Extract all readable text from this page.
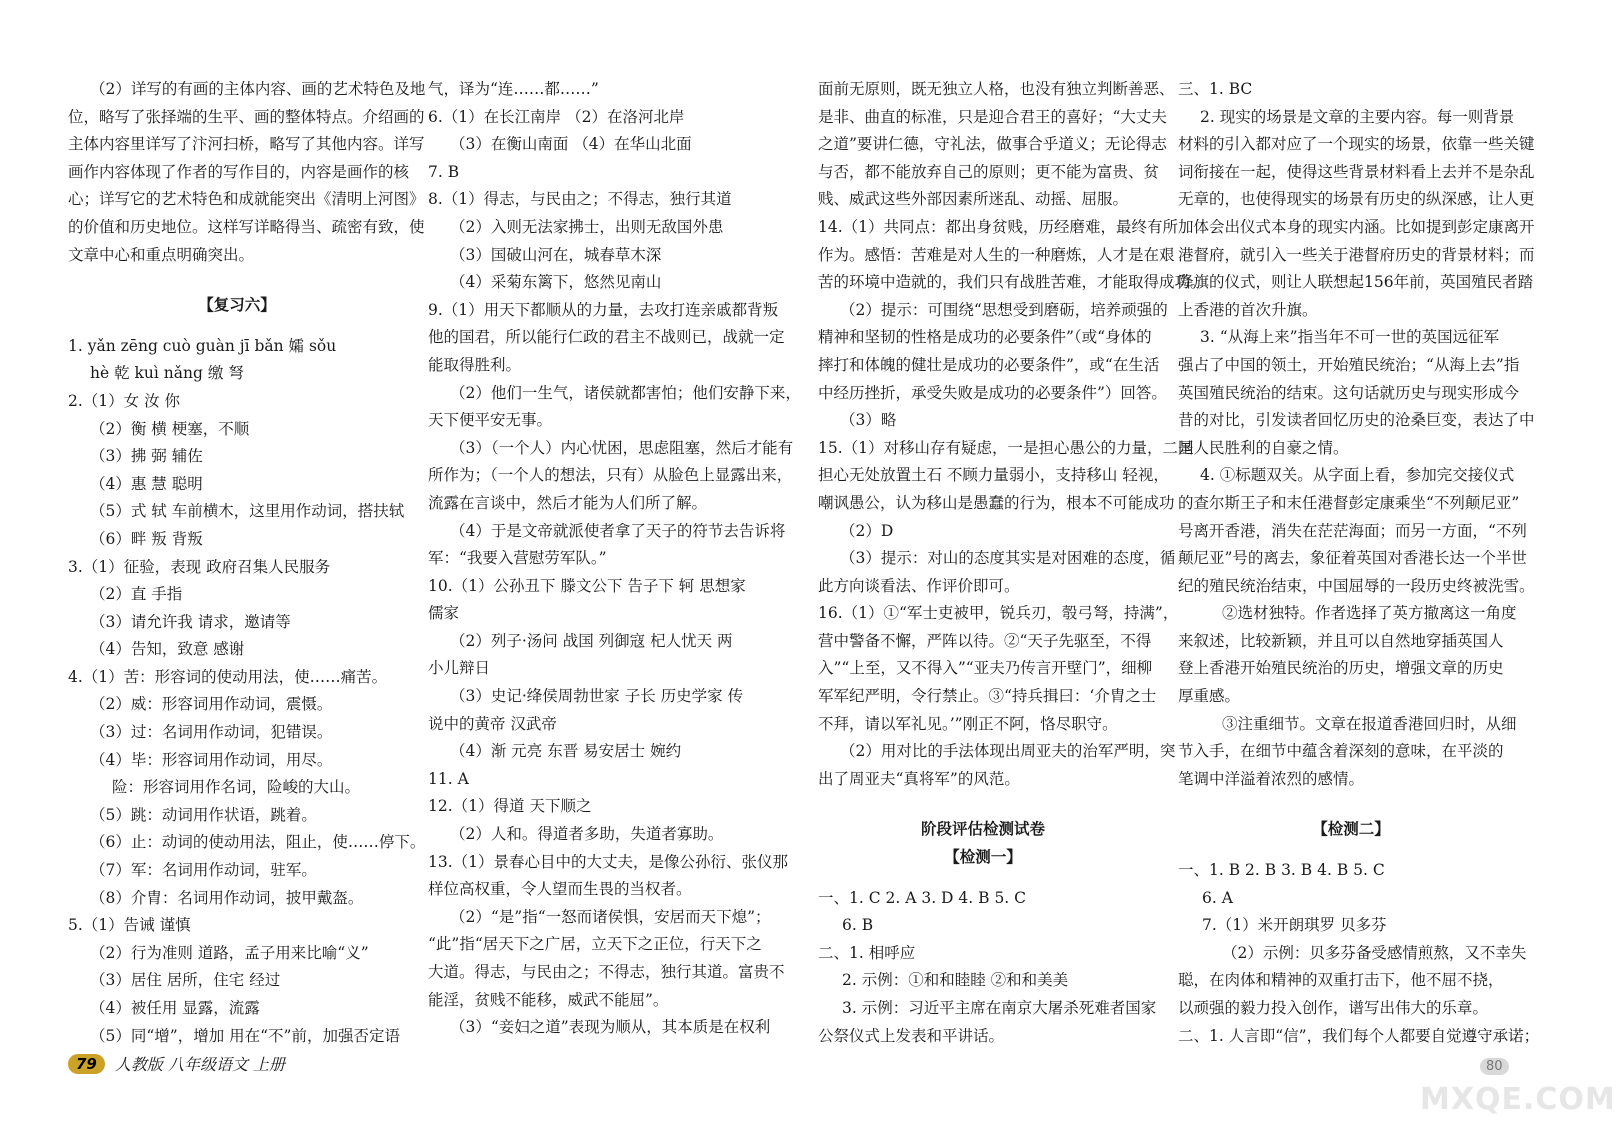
（2）详写的有画的主体内容、画的艺术特色及地
位，略写了张择端的生平、画的整体特点。介绍画的
主体内容里详写了汴河扫桥，略写了其他内容。详写
画作内容体现了作者的写作目的，内容是画作的核
心；详写它的艺术特色和成就能突出《清明上河图》
的价值和历史地位。这样写详略得当、疏密有致，使
文章中心和重点明确突出。
【复习六】
1. yǎn zēng cuò guàn jī bǎn 孀 sǒu
hè 乾 kuì nǎng 缴 弩
2.（1）女 汝 你
（2）衡 横 梗塞，不顺
（3）拂 弼 辅佐
（4）惠 慧 聪明
（5）式 轼 车前横木，这里用作动词，搭扶轼
（6）畔 叛 背叛
3.（1）征验，表现 政府召集人民服务
（2）直 手指
（3）请允许我 请求，邀请等
（4）告知，致意 感谢
4.（1）苦：形容词的使动用法，使……痛苦。
（2）威：形容词用作动词，震慑。
（3）过：名词用作动词，犯错误。
（4）毕：形容词用作动词，用尽。
险：形容词用作名词，险峻的大山。
（5）跳：动词用作状语，跳着。
（6）止：动词的使动用法，阻止，使……停下。
（7）军：名词用作动词，驻军。
（8）介胄：名词用作动词，披甲戴盔。
5.（1）告诫 谨慎
（2）行为准则 道路，孟子用来比喻“义”
（3）居住 居所，住宅 经过
（4）被任用 显露，流露
（5）同“增”，增加 用在“不”前，加强否定语
气，译为“连……都……”
6.（1）在长江南岸 （2）在洛河北岸
（3）在衡山南面 （4）在华山北面
7. B
8.（1）得志，与民由之；不得志，独行其道
（2）入则无法家拂士，出则无敌国外患
（3）国破山河在，城春草木深
（4）采菊东篱下，悠然见南山
9.（1）用天下都顺从的力量，去攻打连亲戚都背叛
他的国君，所以能行仁政的君主不战则已，战就一定
能取得胜利。
（2）他们一生气，诸侯就都害怕；他们安静下来，
天下便平安无事。
（3）（一个人）内心忧困，思虑阻塞，然后才能有
所作为；（一个人的想法，只有）从脸色上显露出来，
流露在言谈中，然后才能为人们所了解。
（4）于是文帝就派使者拿了天子的符节去告诉将
军：“我要入营慰劳军队。”
10.（1）公孙丑下 滕文公下 告子下 轲 思想家
儒家
（2）列子·汤问 战国 列御寇 杞人忧天 两
小儿辩日
（3）史记·绛侯周勃世家 子长 历史学家 传
说中的黄帝 汉武帝
（4）渐 元亮 东晋 易安居士 婉约
11. A
12.（1）得道 天下顺之
（2）人和。得道者多助，失道者寡助。
13.（1）景春心目中的大丈夫，是像公孙衍、张仪那
样位高权重，令人望而生畏的当权者。
（2）“是”指“一怒而诸侯惧，安居而天下熄”；
“此”指“居天下之广居，立天下之正位，行天下之
大道。得志，与民由之；不得志，独行其道。富贵不
能淫，贫贱不能移，威武不能屈”。
（3）“妾妇之道”表现为顺从，其本质是在权利
面前无原则，既无独立人格，也没有独立判断善恶、
是非、曲直的标准，只是迎合君王的喜好；“大丈夫
之道”要讲仁德，守礼法，做事合乎道义；无论得志
与否，都不能放弃自己的原则；更不能为富贵、贫
贱、威武这些外部因素所迷乱、动摇、屈服。
14.（1）共同点：都出身贫贱，历经磨难，最终有所
作为。感悟：苦难是对人生的一种磨炼，人才是在艰
苦的环境中造就的，我们只有战胜苦难，才能取得成功。
（2）提示：可围绕“思想受到磨砺，培养顽强的
精神和坚韧的性格是成功的必要条件”（或“身体的
摔打和体魄的健壮是成功的必要条件”，或“在生活
中经历挫折，承受失败是成功的必要条件”）回答。
（3）略
15.（1）对移山存有疑虑，一是担心愚公的力量，二是
担心无处放置土石 不顾力量弱小，支持移山 轻视，
嘲讽愚公，认为移山是愚蠢的行为，根本不可能成功
（2）D
（3）提示：对山的态度其实是对困难的态度，循
此方向谈看法、作评价即可。
16.（1）①“军士吏被甲，锐兵刃，彀弓弩，持满”，
营中警备不懈，严阵以待。②“天子先驱至，不得
入”“上至，又不得入”“亚夫乃传言开壁门”，细柳
军军纪严明，令行禁止。③“持兵揖曰：‘介胄之士
不拜，请以军礼见。’”刚正不阿，恪尽职守。
（2）用对比的手法体现出周亚夫的治军严明，突
出了周亚夫“真将军”的风范。
阶段评估检测试卷
【检测一】
一、1. C 2. A 3. D 4. B 5. C
6. B
二、1. 相呼应
2. 示例：①和和睦睦 ②和和美美
3. 示例：习近平主席在南京大屠杀死难者国家
公祭仪式上发表和平讲话。
三、1. BC
2. 现实的场景是文章的主要内容。每一则背景
材料的引入都对应了一个现实的场景，依靠一些关键
词衔接在一起，使得这些背景材料看上去并不是杂乱
无章的，也使得现实的场景有历史的纵深感，让人更
加体会出仪式本身的现实内涵。比如提到彭定康离开
港督府，就引入一些关于港督府历史的背景材料；而
降旗的仪式，则让人联想起156年前，英国殖民者踏
上香港的首次升旗。
3. “从海上来”指当年不可一世的英国远征军
强占了中国的领土，开始殖民统治；“从海上去”指
英国殖民统治的结束。这句话就历史与现实形成今
昔的对比，引发读者回忆历史的沧桑巨变，表达了中
国人民胜利的自豪之情。
4. ①标题双关。从字面上看，参加完交接仪式
的查尔斯王子和末任港督彭定康乘坐“不列颠尼亚”
号离开香港，消失在茫茫海面；而另一方面，“不列
颠尼亚”号的离去，象征着英国对香港长达一个半世
纪的殖民统治结束，中国屈辱的一段历史终被洗雪。
②选材独特。作者选择了英方撤离这一角度
来叙述，比较新颖，并且可以自然地穿插英国人
登上香港开始殖民统治的历史，增强文章的历史
厚重感。
③注重细节。文章在报道香港回归时，从细
节入手，在细节中蕴含着深刻的意味，在平淡的
笔调中洋溢着浓烈的感情。
【检测二】
一、1. B 2. B 3. B 4. B 5. C
6. A
7.（1）米开朗琪罗 贝多芬
（2）示例：贝多芬备受感情煎熬，又不幸失
聪，在肉体和精神的双重打击下，他不屈不挠，
以顽强的毅力投入创作，谱写出伟大的乐章。
二、1. 人言即“信”，我们每个人都要自觉遵守承诺；
79	人教版 八年级语文 上册	80
MXQE.COM
